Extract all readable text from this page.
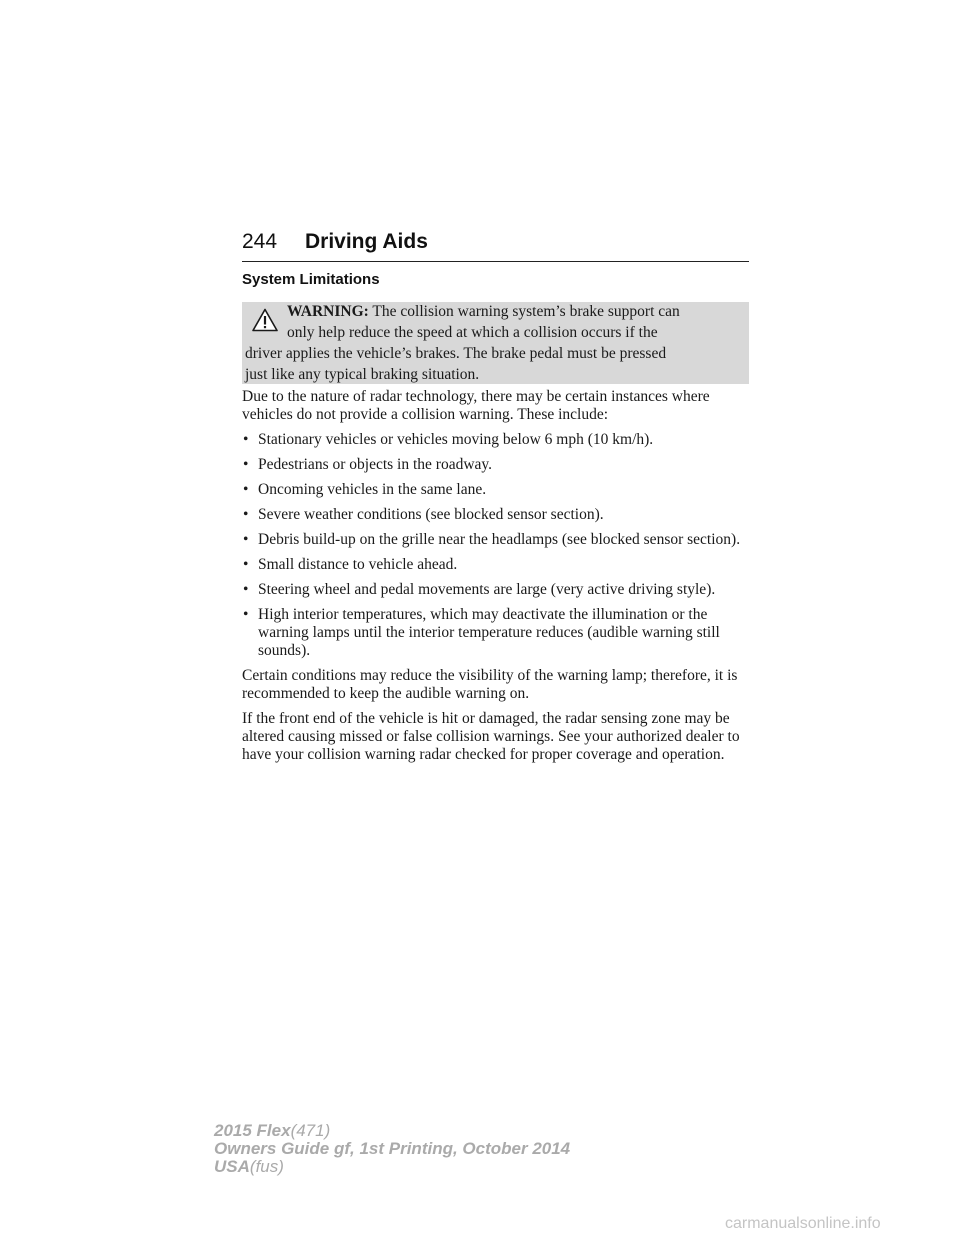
244 Driving Aids
System Limitations
WARNING: The collision warning system’s brake support can
only help reduce the speed at which a collision occurs if the
driver applies the vehicle’s brakes. The brake pedal must be pressed
just like any typical braking situation.

Due to the nature of radar technology, there may be certain instances where vehicles do not provide a collision warning. These include:

• Stationary vehicles or vehicles moving below 6 mph (10 km/h).
• Pedestrians or objects in the roadway.
• Oncoming vehicles in the same lane.
• Severe weather conditions (see blocked sensor section).
• Debris build-up on the grille near the headlamps (see blocked sensor section).
• Small distance to vehicle ahead.
• Steering wheel and pedal movements are large (very active driving style).
• High interior temperatures, which may deactivate the illumination or the warning lamps until the interior temperature reduces (audible warning still sounds).

Certain conditions may reduce the visibility of the warning lamp; therefore, it is recommended to keep the audible warning on.

If the front end of the vehicle is hit or damaged, the radar sensing zone may be altered causing missed or false collision warnings. See your authorized dealer to have your collision warning radar checked for proper coverage and operation.

2015 Flex(471)
Owners Guide gf, 1st Printing, October 2014
USA(fus)
carmanualsonline.info
